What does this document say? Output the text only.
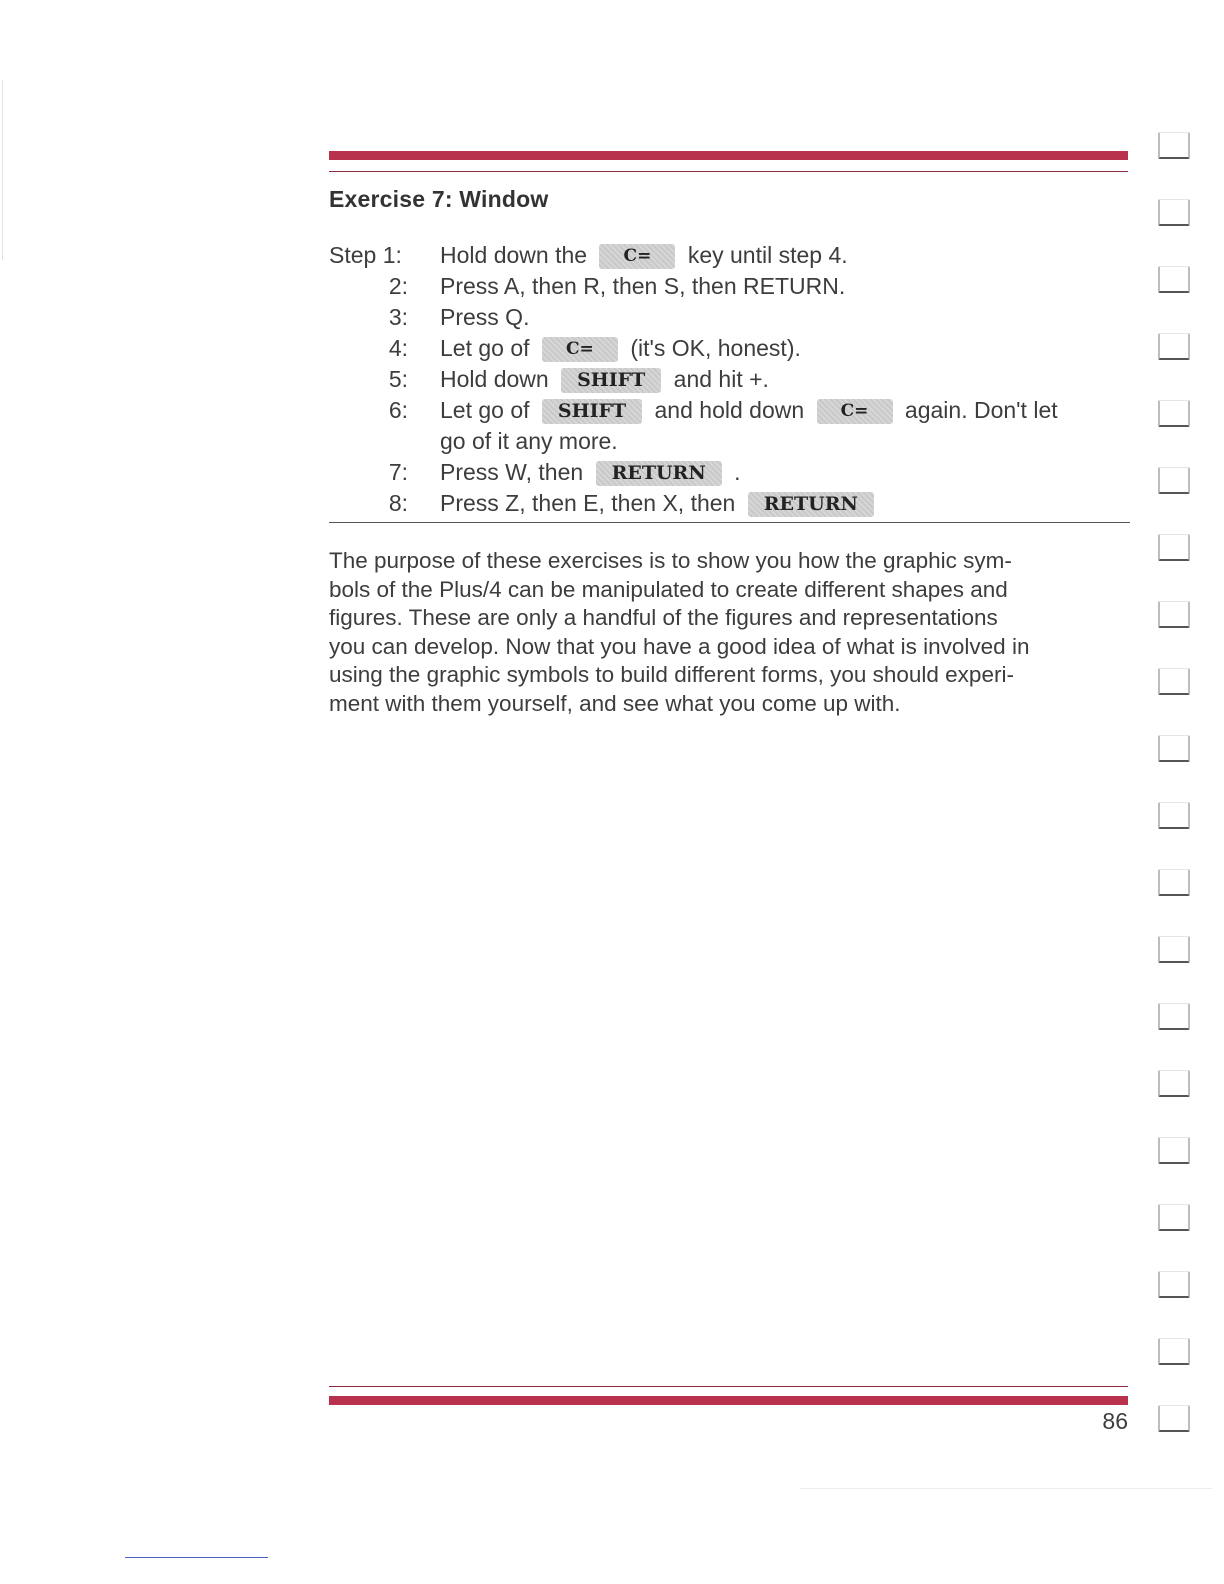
Exercise 7: Window
Step 1: Hold down the C= key until step 4.
2: Press A, then R, then S, then RETURN.
3: Press Q.
4: Let go of C= (it's OK, honest).
5: Hold down SHIFT and hit +.
6: Let go of SHIFT and hold down C= again. Don't let
go of it any more.
7: Press W, then RETURN .
8: Press Z, then E, then X, then RETURN
The purpose of these exercises is to show you how the graphic sym-
bols of the Plus/4 can be manipulated to create different shapes and
figures. These are only a handful of the figures and representations
you can develop. Now that you have a good idea of what is involved in
using the graphic symbols to build different forms, you should experi-
ment with them yourself, and see what you come up with.
86
